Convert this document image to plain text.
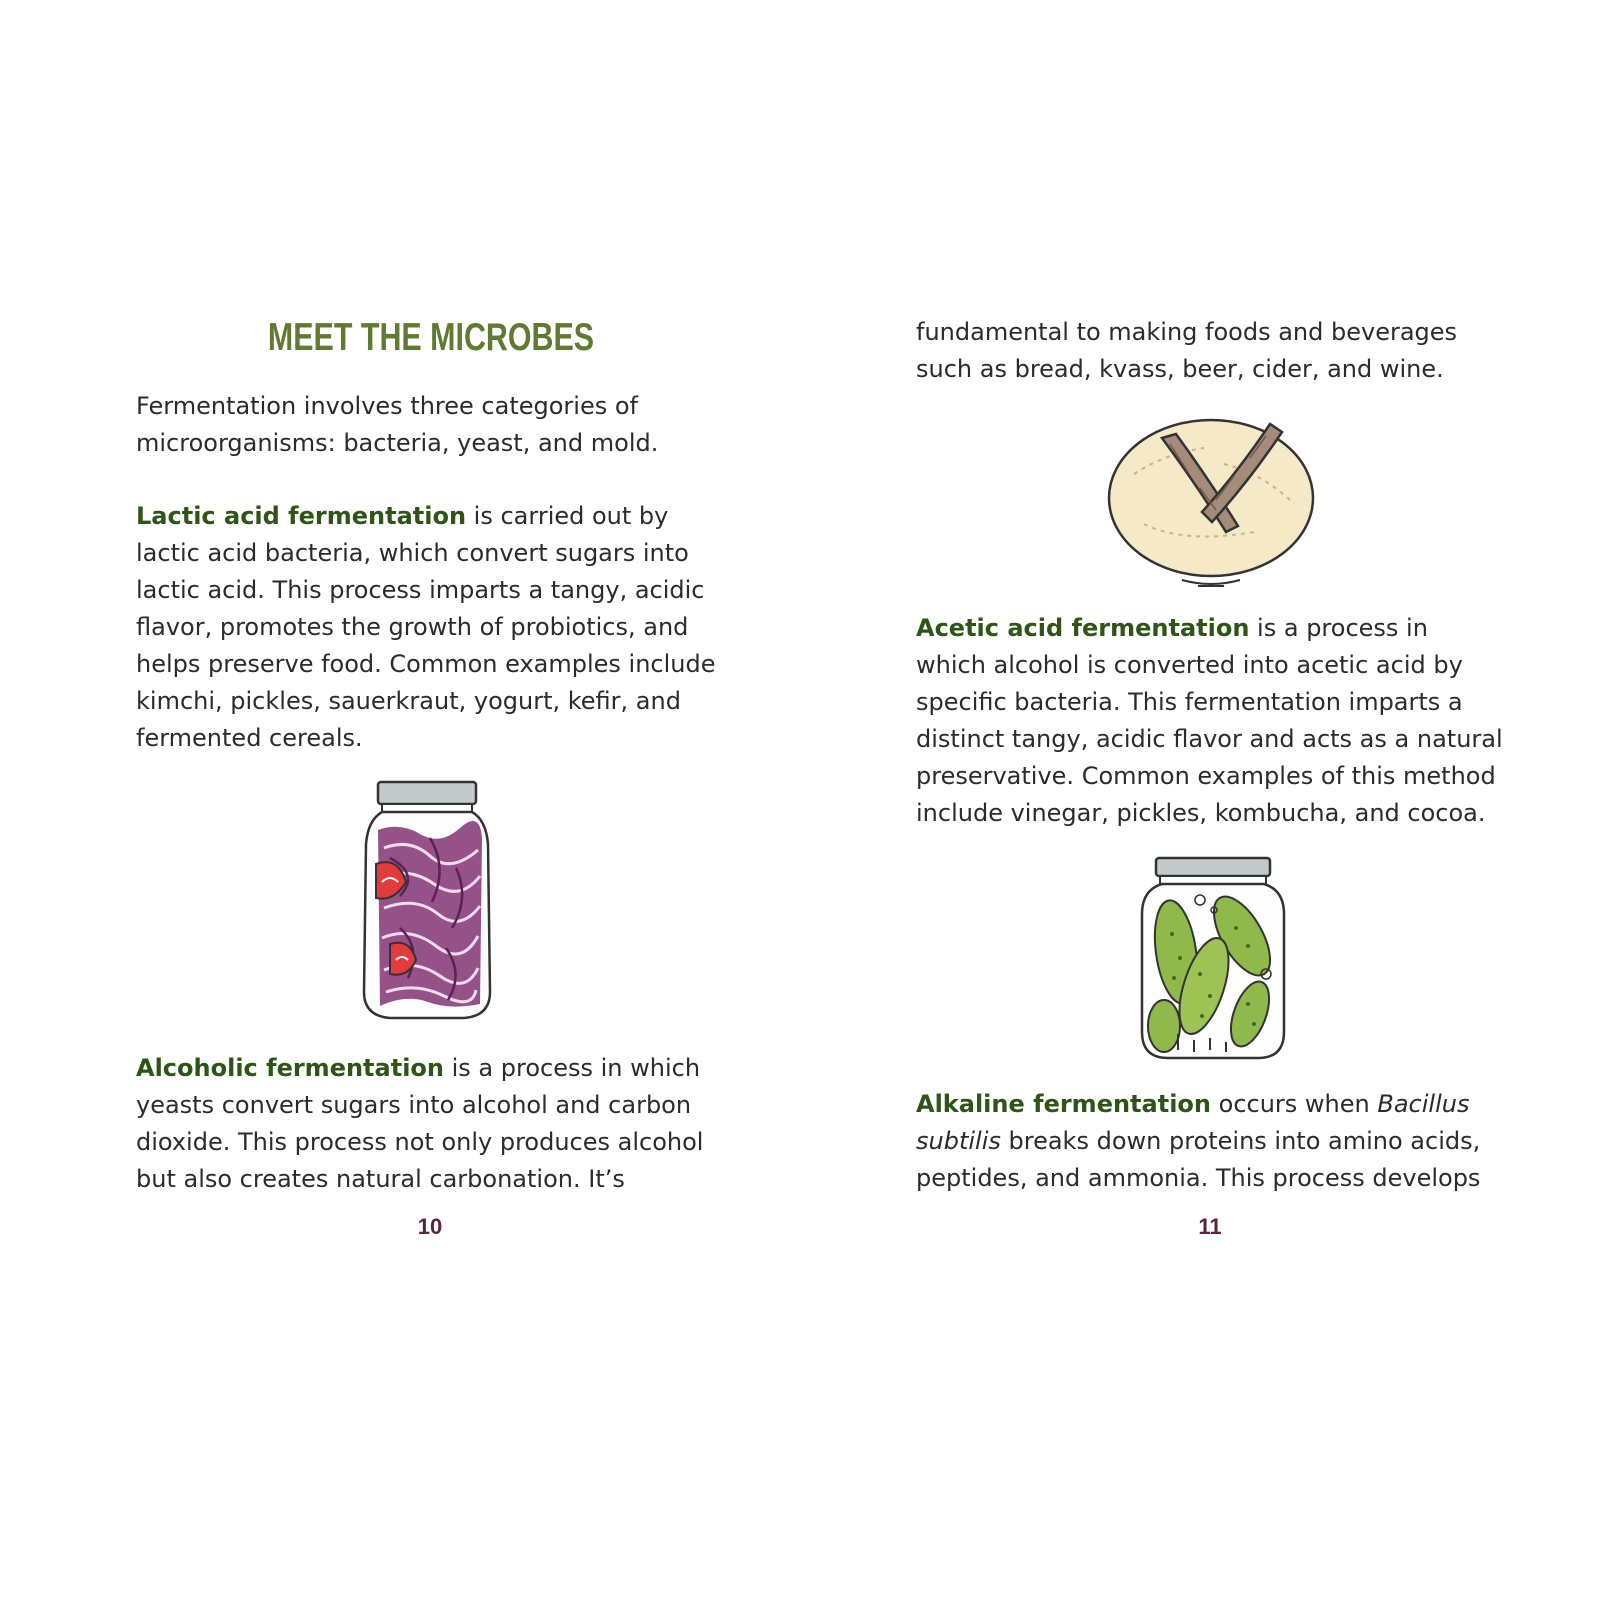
MEET THE MICROBES

Fermentation involves three categories of
microorganisms: bacteria, yeast, and mold.

Lactic acid fermentation is carried out by
lactic acid bacteria, which convert sugars into
lactic acid. This process imparts a tangy, acidic
flavor, promotes the growth of probiotics, and
helps preserve food. Common examples include
kimchi, pickles, sauerkraut, yogurt, kefir, and
fermented cereals.

Alcoholic fermentation is a process in which
yeasts convert sugars into alcohol and carbon
dioxide. This process not only produces alcohol
but also creates natural carbonation. It’s

10

fundamental to making foods and beverages
such as bread, kvass, beer, cider, and wine.

Acetic acid fermentation is a process in
which alcohol is converted into acetic acid by
specific bacteria. This fermentation imparts a
distinct tangy, acidic flavor and acts as a natural
preservative. Common examples of this method
include vinegar, pickles, kombucha, and cocoa.

Alkaline fermentation occurs when Bacillus
subtilis breaks down proteins into amino acids,
peptides, and ammonia. This process develops

11
